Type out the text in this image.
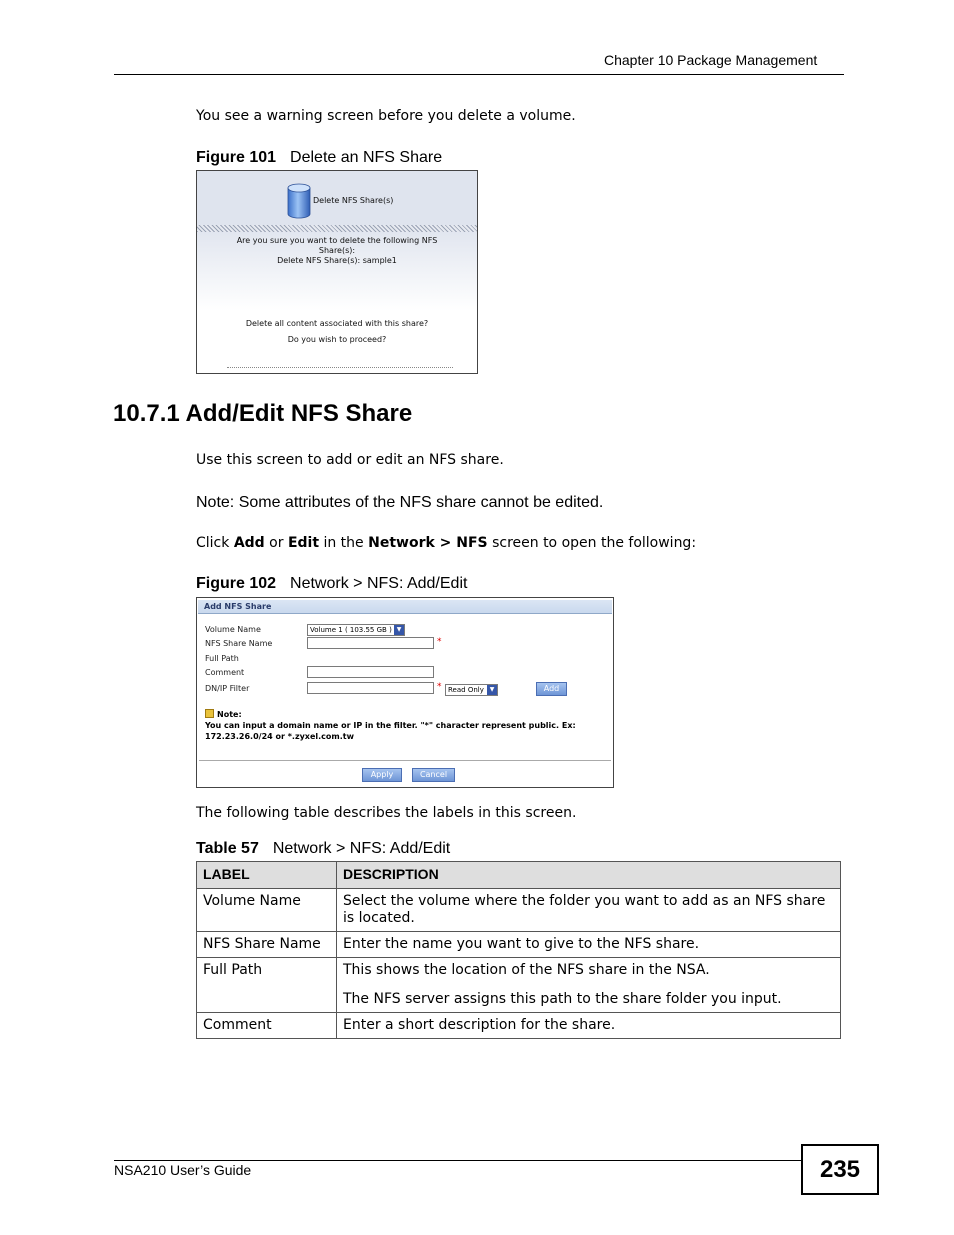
Chapter 10 Package Management
You see a warning screen before you delete a volume.
Figure 101 Delete an NFS Share
Delete NFS Share(s)
Are you sure you want to delete the following NFS
Share(s):
Delete NFS Share(s): sample1
Delete all content associated with this share?
Do you wish to proceed?
10.7.1 Add/Edit NFS Share
Use this screen to add or edit an NFS share.
Note: Some attributes of the NFS share cannot be edited.
Click Add or Edit in the Network > NFS screen to open the following:
Figure 102 Network > NFS: Add/Edit
Add NFS Share
Volume Name	Volume 1 ( 103.55 GB ) ▼
NFS Share Name	*
Full Path
Comment
DN/IP Filter	* Read Only ▼	Add
Note:
You can input a domain name or IP in the filter. "*" character represent public. Ex: 172.23.26.0/24 or *.zyxel.com.tw
Apply	Cancel
The following table describes the labels in this screen.
Table 57 Network > NFS: Add/Edit
LABEL	DESCRIPTION
Volume Name	Select the volume where the folder you want to add as an NFS share is located.
NFS Share Name	Enter the name you want to give to the NFS share.
Full Path	This shows the location of the NFS share in the NSA.

The NFS server assigns this path to the share folder you input.

Comment	Enter a short description for the share.
NSA210 User’s Guide	235
